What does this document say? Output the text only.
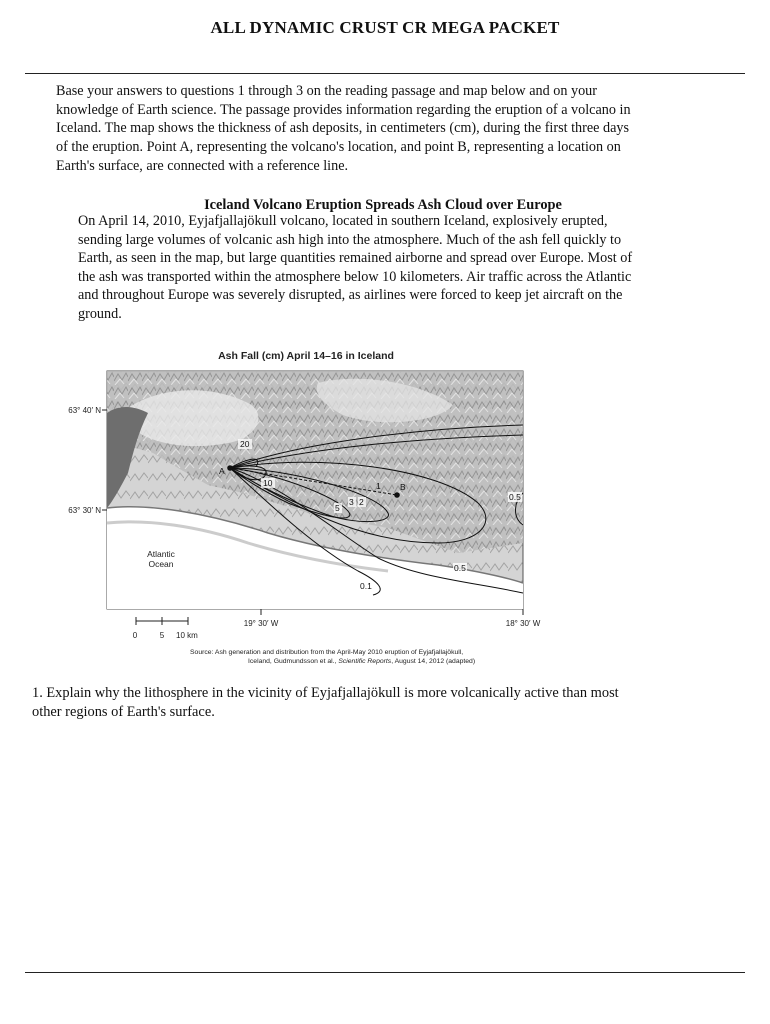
ALL DYNAMIC CRUST CR MEGA PACKET
Base your answers to questions 1 through 3 on the reading passage and map below and on your
knowledge of Earth science. The passage provides information regarding the eruption of a volcano in
Iceland. The map shows the thickness of ash deposits, in centimeters (cm), during the first three days
of the eruption. Point A, representing the volcano's location, and point B, representing a location on
Earth's surface, are connected with a reference line.
Iceland Volcano Eruption Spreads Ash Cloud over Europe
On April 14, 2010, Eyjafjallajökull volcano, located in southern Iceland, explosively erupted,
sending large volumes of volcanic ash high into the atmosphere. Much of the ash fell quickly to
Earth, as seen in the map, but large quantities remained airborne and spread over Europe. Most of
the ash was transported within the atmosphere below 10 kilometers. Air traffic across the Atlantic
and throughout Europe was severely disrupted, as airlines were forced to keep jet aircraft on the
ground.
Ash Fall (cm) April 14–16 in Iceland
Atlantic
Ocean
A
B
20
10
5
3 2
1
0.5
0.5
0.1
63° 40′ N
63° 30′ N
19° 30′ W	18° 30′ W
0	5 10 km
Source: Ash generation and distribution from the April-May 2010 eruption of Eyjafjallajökull,
Iceland, Gudmundsson et al., Scientific Reports, August 14, 2012 (adapted)
1. Explain why the lithosphere in the vicinity of Eyjafjallajökull is more volcanically active than most
other regions of Earth's surface.
